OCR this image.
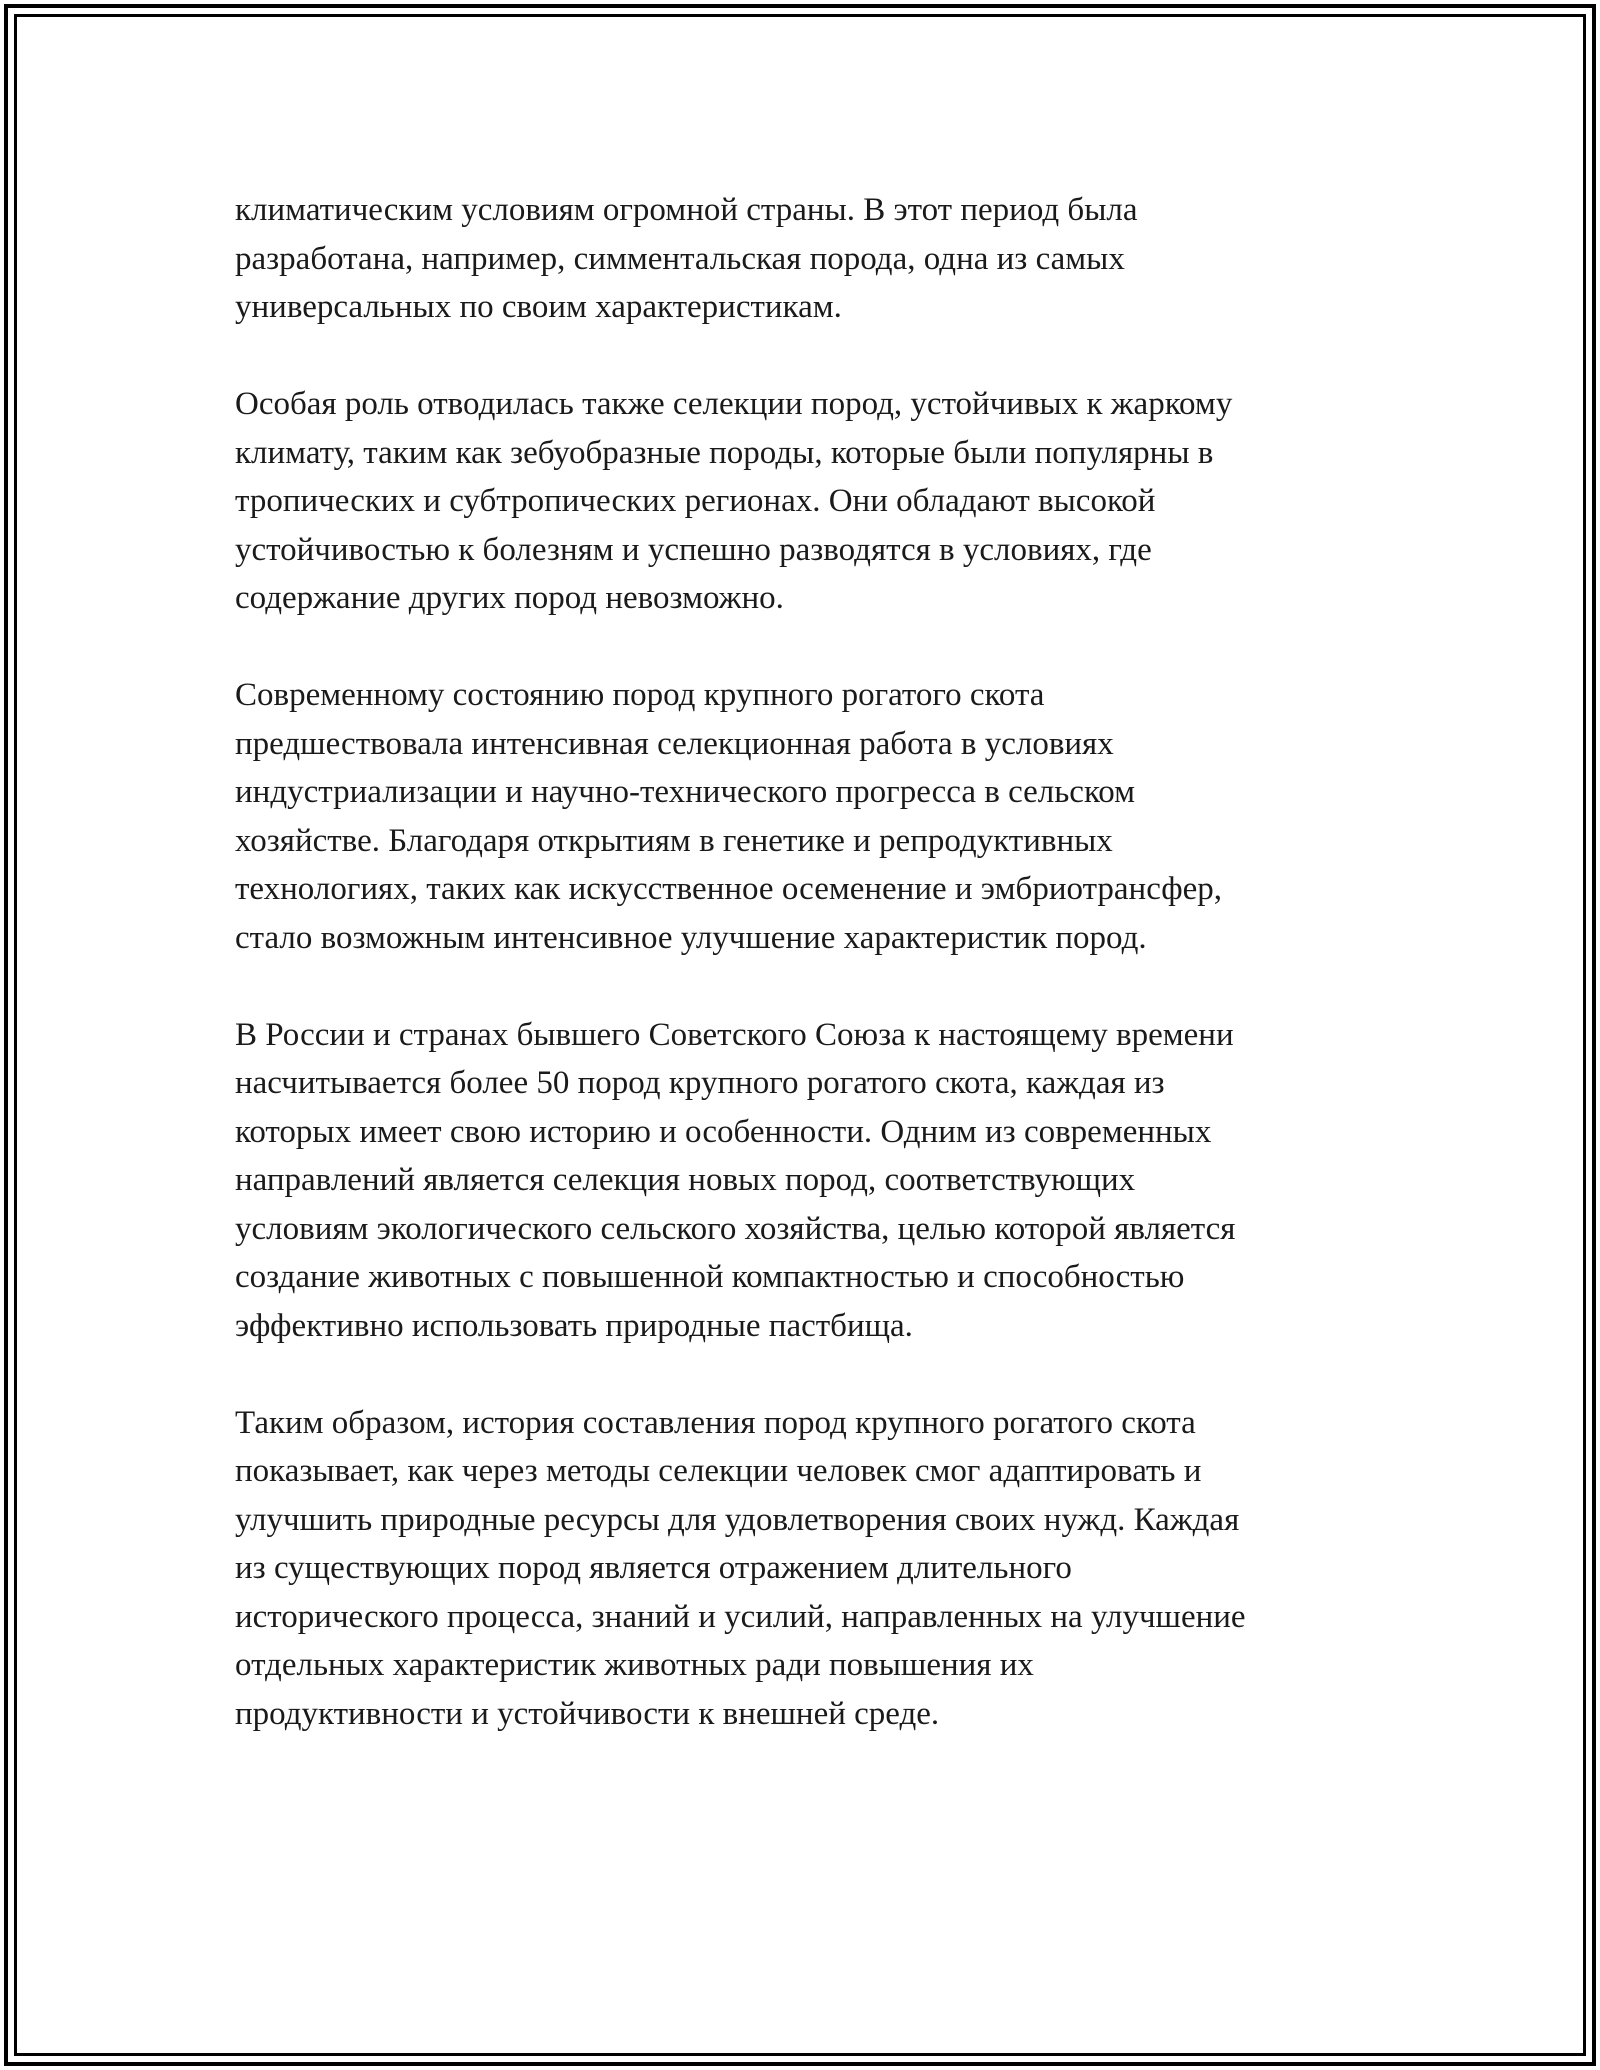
климатическим условиям огромной страны. В этот период была
разработана, например, симментальская порода, одна из самых
универсальных по своим характеристикам.

Особая роль отводилась также селекции пород, устойчивых к жаркому
климату, таким как зебуобразные породы, которые были популярны в
тропических и субтропических регионах. Они обладают высокой
устойчивостью к болезням и успешно разводятся в условиях, где
содержание других пород невозможно.

Современному состоянию пород крупного рогатого скота
предшествовала интенсивная селекционная работа в условиях
индустриализации и научно-технического прогресса в сельском
хозяйстве. Благодаря открытиям в генетике и репродуктивных
технологиях, таких как искусственное осеменение и эмбриотрансфер,
стало возможным интенсивное улучшение характеристик пород.

В России и странах бывшего Советского Союза к настоящему времени
насчитывается более 50 пород крупного рогатого скота, каждая из
которых имеет свою историю и особенности. Одним из современных
направлений является селекция новых пород, соответствующих
условиям экологического сельского хозяйства, целью которой является
создание животных с повышенной компактностью и способностью
эффективно использовать природные пастбища.

Таким образом, история составления пород крупного рогатого скота
показывает, как через методы селекции человек смог адаптировать и
улучшить природные ресурсы для удовлетворения своих нужд. Каждая
из существующих пород является отражением длительного
исторического процесса, знаний и усилий, направленных на улучшение
отдельных характеристик животных ради повышения их
продуктивности и устойчивости к внешней среде.
